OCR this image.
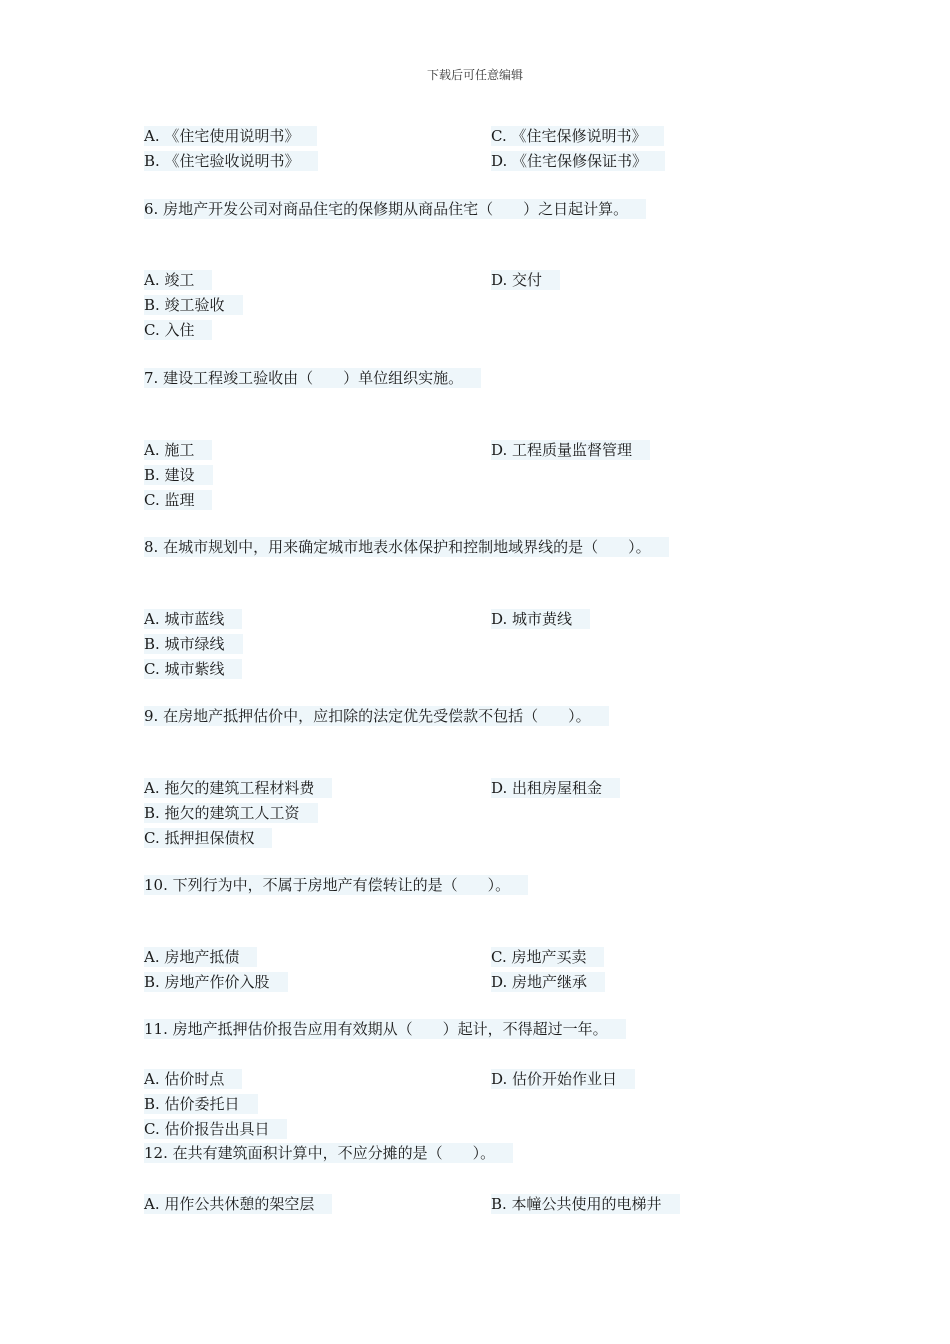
下载后可任意编辑
A. 《住宅使用说明书》	C. 《住宅保修说明书》
B. 《住宅验收说明书》	D. 《住宅保修保证书》
6. 房地产开发公司对商品住宅的保修期从商品住宅（　　）之日起计算。
A. 竣工	D. 交付
B. 竣工验收
C. 入住
7. 建设工程竣工验收由（　　）单位组织实施。
A. 施工	D. 工程质量监督管理
B. 建设
C. 监理
8. 在城市规划中，用来确定城市地表水体保护和控制地域界线的是（　　）。
A. 城市蓝线	D. 城市黄线
B. 城市绿线
C. 城市紫线
9. 在房地产抵押估价中，应扣除的法定优先受偿款不包括（　　）。
A. 拖欠的建筑工程材料费	D. 出租房屋租金
B. 拖欠的建筑工人工资
C. 抵押担保债权
10. 下列行为中，不属于房地产有偿转让的是（　　）。
A. 房地产抵债	C. 房地产买卖
B. 房地产作价入股	D. 房地产继承
11. 房地产抵押估价报告应用有效期从（　　）起计，不得超过一年。
A. 估价时点	D. 估价开始作业日
B. 估价委托日
C. 估价报告出具日
12. 在共有建筑面积计算中，不应分摊的是（　　）。
A. 用作公共休憩的架空层	B. 本幢公共使用的电梯井
